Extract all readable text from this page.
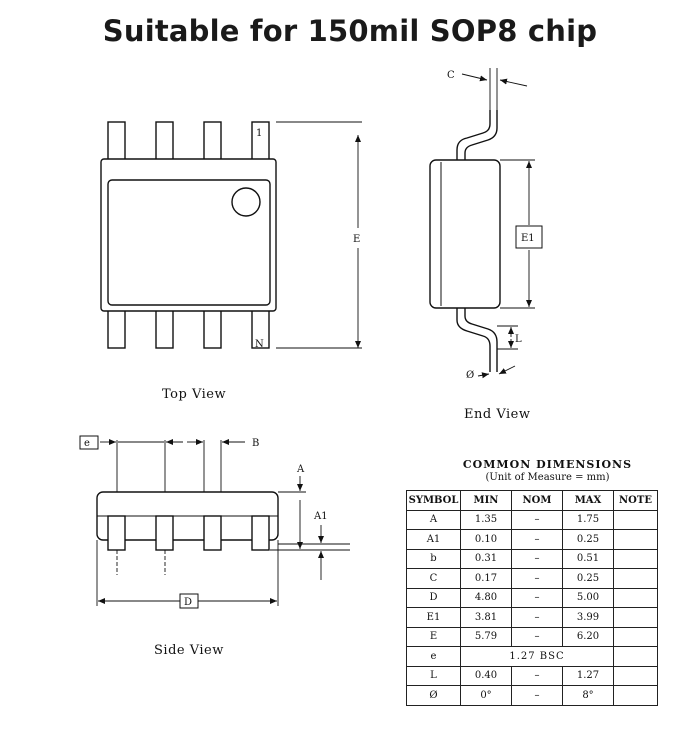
Suitable for 150mil SOP8 chip
1
N
E
Top View
C
E1
L
Ø
End View
e	B
A
A1
D
Side View
COMMON DIMENSIONS
(Unit of Measure = mm)
SYMBOL	MIN	NOM	MAX	NOTE
A	1.35	–	1.75	
A1	0.10	–	0.25	
b	0.31	–	0.51	
C	0.17	–	0.25	
D	4.80	–	5.00	
E1	3.81	–	3.99	
E	5.79	–	6.20	
e	1.27 BSC			
L	0.40	–	1.27	
Ø	0°	–	8°	
